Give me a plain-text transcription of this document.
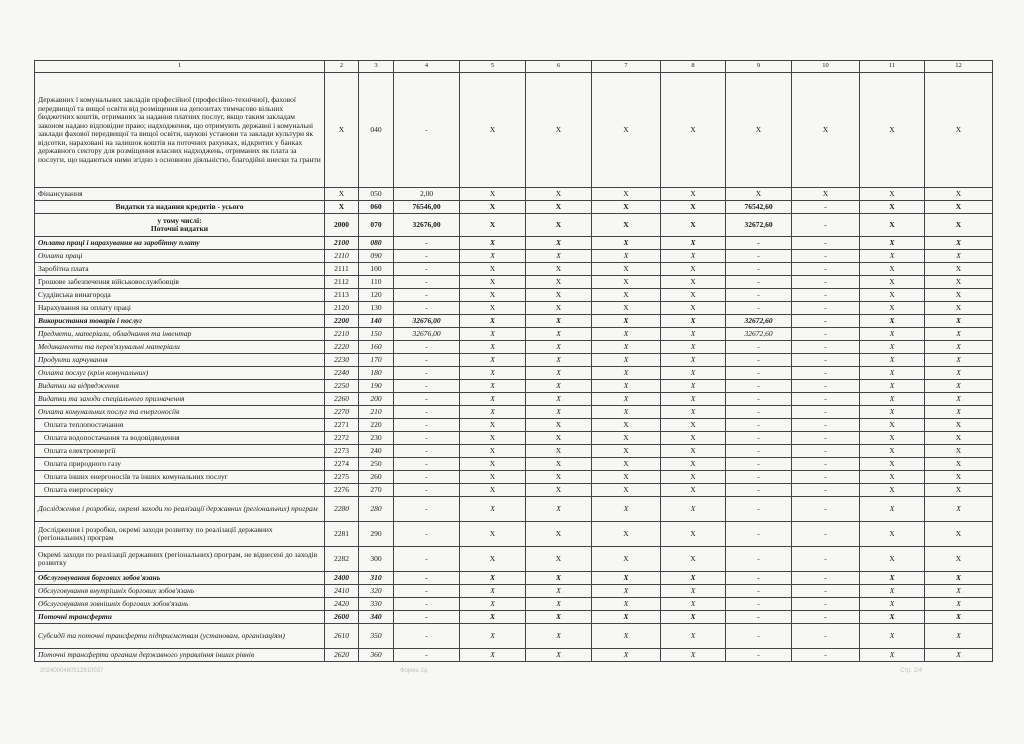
1	2	3	4	5	6	7	8	9	10	11	12
Державних і комунальних закладів професійної (професійно-технічної), фахової передвищої та вищої освіти від розміщення на депозитах тимчасово вільних бюджетних коштів, отриманих за надання платних послуг, якщо таким закладам законом надано відповідне право; надходження, що отримують державні і комунальні заклади фахової передвищої та вищої освіти, наукові установи та заклади культури як відсотки, нараховані на залишок коштів на поточних рахунках, відкритих у банках державного сектору для розміщення власних надходжень, отриманих як плата за послуги, що надаються ними згідно з основною діяльністю, благодійні внески та гранти	X	040	-	X	X	X	X	X	X	X	X
Фінансування	X	050	2,00	X	X	X	X	X	X	X	X
Видатки та надання кредитів - усього	X	060	76546,00	X	X	X	X	76542,60	-	X	X
у тому числі:
Поточні видатки	2000	070	32676,00	X	X	X	X	32672,60	-	X	X
Оплата праці і нарахування на заробітну плату	2100	080	-	X	X	X	X	-	-	X	X
Оплата праці	2110	090	-	X	X	X	X	-	-	X	X
Заробітна плата	2111	100	-	X	X	X	X	-	-	X	X
Грошове забезпечення військовослужбовців	2112	110	-	X	X	X	X	-	-	X	X
Суддівська винагорода	2113	120	-	X	X	X	X	-	-	X	X
Нарахування на оплату праці	2120	130	-	X	X	X	X	-	-	X	X
Використання товарів і послуг	2200	140	32676,00	X	X	X	X	32672,60	-	X	X
Предмети, матеріали, обладнання та інвентар	2210	150	32676,00	X	X	X	X	32672,60	-	X	X
Медикаменти та перев'язувальні матеріали	2220	160	-	X	X	X	X	-	-	X	X
Продукти харчування	2230	170	-	X	X	X	X	-	-	X	X
Оплата послуг (крім комунальних)	2240	180	-	X	X	X	X	-	-	X	X
Видатки на відрядження	2250	190	-	X	X	X	X	-	-	X	X
Видатки та заходи спеціального призначення	2260	200	-	X	X	X	X	-	-	X	X
Оплата комунальних послуг та енергоносіїв	2270	210	-	X	X	X	X	-	-	X	X
Оплата теплопостачання	2271	220	-	X	X	X	X	-	-	X	X
Оплата водопостачання та водовідведення	2272	230	-	X	X	X	X	-	-	X	X
Оплата електроенергії	2273	240	-	X	X	X	X	-	-	X	X
Оплата природного газу	2274	250	-	X	X	X	X	-	-	X	X
Оплата інших енергоносіїв та інших комунальних послуг	2275	260	-	X	X	X	X	-	-	X	X
Оплата енергосервісу	2276	270	-	X	X	X	X	-	-	X	X
Дослідження і розробки, окремі заходи по реалізації державних (регіональних) програм	2280	280	-	X	X	X	X	-	-	X	X
Дослідження і розробки, окремі заходи розвитку по реалізації державних (регіональних) програм	2281	290	-	X	X	X	X	-	-	X	X
Окремі заходи по реалізації державних (регіональних) програм, не віднесені до заходів розвитку	2282	300	-	X	X	X	X	-	-	X	X
Обслуговування боргових зобов'язань	2400	310	-	X	X	X	X	-	-	X	X
Обслуговування внутрішніх боргових зобов'язань	2410	320	-	X	X	X	X	-	-	X	X
Обслуговування зовнішніх боргових зобов'язань	2420	330	-	X	X	X	X	-	-	X	X
Поточні трансферти	2600	340	-	X	X	X	X	-	-	X	X
Субсидії та поточні трансферти підприємствам (установам, організаціям)	2610	350	-	X	X	X	X	-	-	X	X
Поточні трансферти органам державного управління інших рівнів	2620	360	-	X	X	X	X	-	-	X	X
2024000460512910037	Форма 2д	Стр. 2/4
